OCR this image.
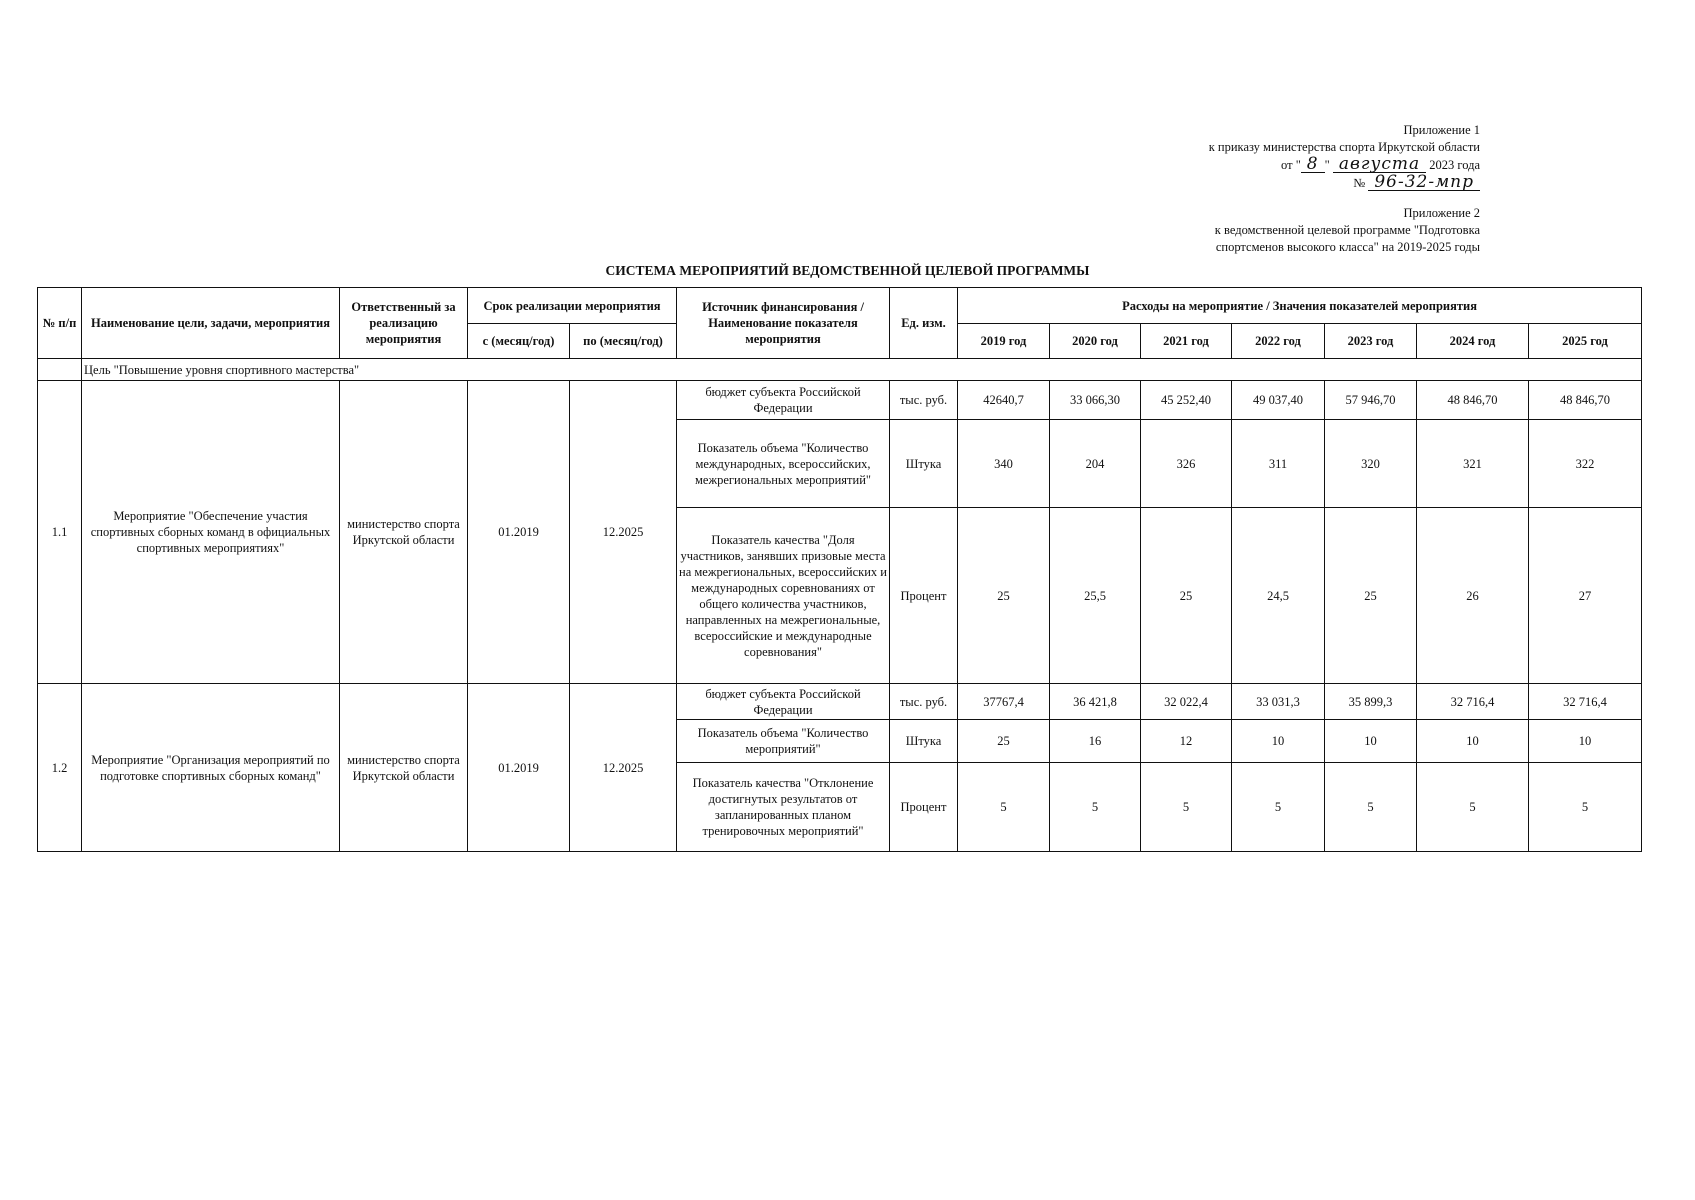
Приложение 1
к приказу министерства спорта Иркутской области
от " 8 " августа 2023 года
№ 96-32-мпр
Приложение 2
к ведомственной целевой программе "Подготовка
спортсменов высокого класса" на 2019-2025 годы
СИСТЕМА МЕРОПРИЯТИЙ ВЕДОМСТВЕННОЙ ЦЕЛЕВОЙ ПРОГРАММЫ
№ п/п	Наименование цели, задачи, мероприятия	Ответственный за реализацию мероприятия	Срок реализации мероприятия		Источник финансирования / Наименование показателя мероприятия	Ед. изм.	Расходы на мероприятие / Значения показателей мероприятия						
			с (месяц/год)	по (месяц/год)			2019 год	2020 год	2021 год	2022 год	2023 год	2024 год	2025 год
	Цель "Повышение уровня спортивного мастерства"												
1.1	Мероприятие "Обеспечение участия спортивных сборных команд в официальных спортивных мероприятиях"	министерство спорта Иркутской области	01.2019	12.2025	бюджет субъекта Российской Федерации	тыс. руб.	42640,7	33 066,30	45 252,40	49 037,40	57 946,70	48 846,70	48 846,70
					Показатель объема "Количество международных, всероссийских, межрегиональных мероприятий"	Штука	340	204	326	311	320	321	322
					Показатель качества "Доля участников, занявших призовые места на межрегиональных, всероссийских и международных соревнованиях от общего количества участников, направленных на межрегиональные, всероссийские и международные соревнования"	Процент	25	25,5	25	24,5	25	26	27
1.2	Мероприятие "Организация мероприятий по подготовке спортивных сборных команд"	министерство спорта Иркутской области	01.2019	12.2025	бюджет субъекта Российской Федерации	тыс. руб.	37767,4	36 421,8	32 022,4	33 031,3	35 899,3	32 716,4	32 716,4
					Показатель объема "Количество мероприятий"	Штука	25	16	12	10	10	10	10
					Показатель качества "Отклонение достигнутых результатов от запланированных планом тренировочных мероприятий"	Процент	5	5	5	5	5	5	5
